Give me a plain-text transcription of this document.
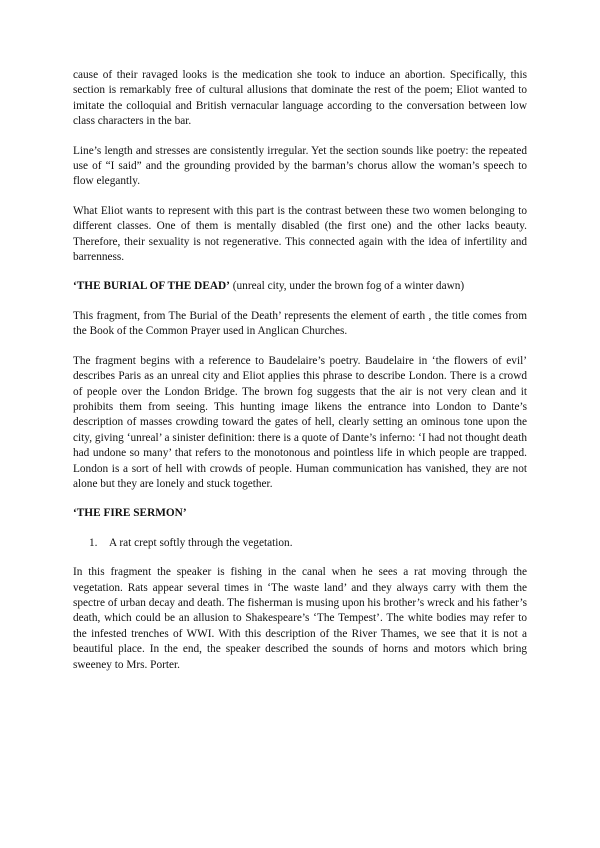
cause of their ravaged looks is the medication she took to induce an abortion. Specifically, this section is remarkably free of cultural allusions that dominate the rest of the poem; Eliot wanted to imitate the colloquial and British vernacular language according to the conversation between low class characters in the bar.

Line’s length and stresses are consistently irregular. Yet the section sounds like poetry: the repeated use of “I said” and the grounding provided by the barman’s chorus allow the woman’s speech to flow elegantly.

What Eliot wants to represent with this part is the contrast between these two women belonging to different classes. One of them is mentally disabled (the first one) and the other lacks beauty. Therefore, their sexuality is not regenerative. This connected again with the idea of infertility and barrenness.

‘THE BURIAL OF THE DEAD’ (unreal city, under the brown fog of a winter dawn)

This fragment, from The Burial of the Death’ represents the element of earth , the title comes from the Book of the Common Prayer used in Anglican Churches.

The fragment begins with a reference to Baudelaire’s poetry. Baudelaire in ‘the flowers of evil’ describes Paris as an unreal city and Eliot applies this phrase to describe London. There is a crowd of people over the London Bridge. The brown fog suggests that the air is not very clean and it prohibits them from seeing. This hunting image likens the entrance into London to Dante’s description of masses crowding toward the gates of hell, clearly setting an ominous tone upon the city, giving ‘unreal’ a sinister definition: there is a quote of Dante’s inferno: ‘I had not thought death had undone so many’ that refers to the monotonous and pointless life in which people are trapped. London is a sort of hell with crowds of people. Human communication has vanished, they are not alone but they are lonely and stuck together.

‘THE FIRE SERMON’

1. A rat crept softly through the vegetation.

In this fragment the speaker is fishing in the canal when he sees a rat moving through the vegetation. Rats appear several times in ‘The waste land’ and they always carry with them the spectre of urban decay and death. The fisherman is musing upon his brother’s wreck and his father’s death, which could be an allusion to Shakespeare’s ‘The Tempest’. The white bodies may refer to the infested trenches of WWI. With this description of the River Thames, we see that it is not a beautiful place. In the end, the speaker described the sounds of horns and motors which bring sweeney to Mrs. Porter.
